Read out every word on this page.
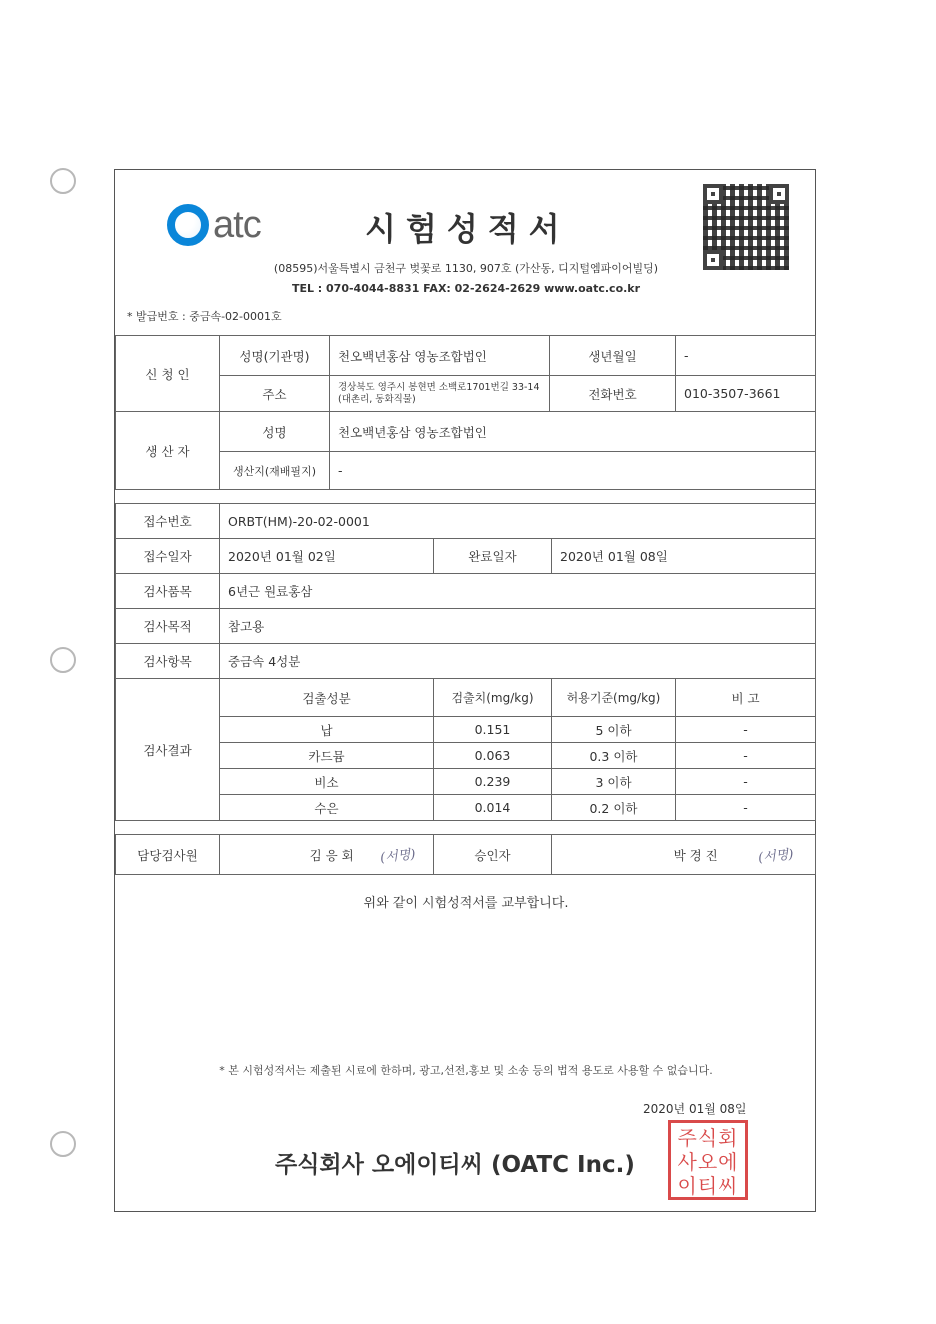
atc	시험성적서
(08595)서울특별시 금천구 벚꽃로 1130, 907호 (가산동, 디지털엠파이어빌딩)
TEL : 070-4044-8831 FAX: 02-2624-2629 www.oatc.co.kr
* 발급번호 : 중금속-02-0001호
신 청 인	성명(기관명)	천오백년홍삼 영농조합법인	생년월일	-
	주소	경상북도 영주시 봉현면 소백로1701번길 33-14 (대촌리, 동화직물)	전화번호	010-3507-3661
생 산 자	성명	천오백년홍삼 영농조합법인		
	생산지(재배필지)	-		
접수번호	ORBT(HM)-20-02-0001		
접수일자	2020년 01월 02일	완료일자	2020년 01월 08일
검사품목	6년근 원료홍삼		
검사목적	참고용		
검사항목	중금속 4성분		
검사결과	검출성분	검출치(mg/kg)	허용기준(mg/kg)	비 고
	납	0.151	5 이하	-
	카드뮴	0.063	0.3 이하	-
	비소	0.239	3 이하	-
	수은	0.014	0.2 이하	-
담당검사원	김 응 회 (서명)	승인자	박 경 진	(서명)
위와 같이 시험성적서를 교부합니다.
* 본 시험성적서는 제출된 시료에 한하며, 광고,선전,홍보 및 소송 등의 법적 용도로 사용할 수 없습니다.
2020년 01월 08일
주식회사 오에이티씨 (OATC Inc.)
주식회
사오에
이티씨
